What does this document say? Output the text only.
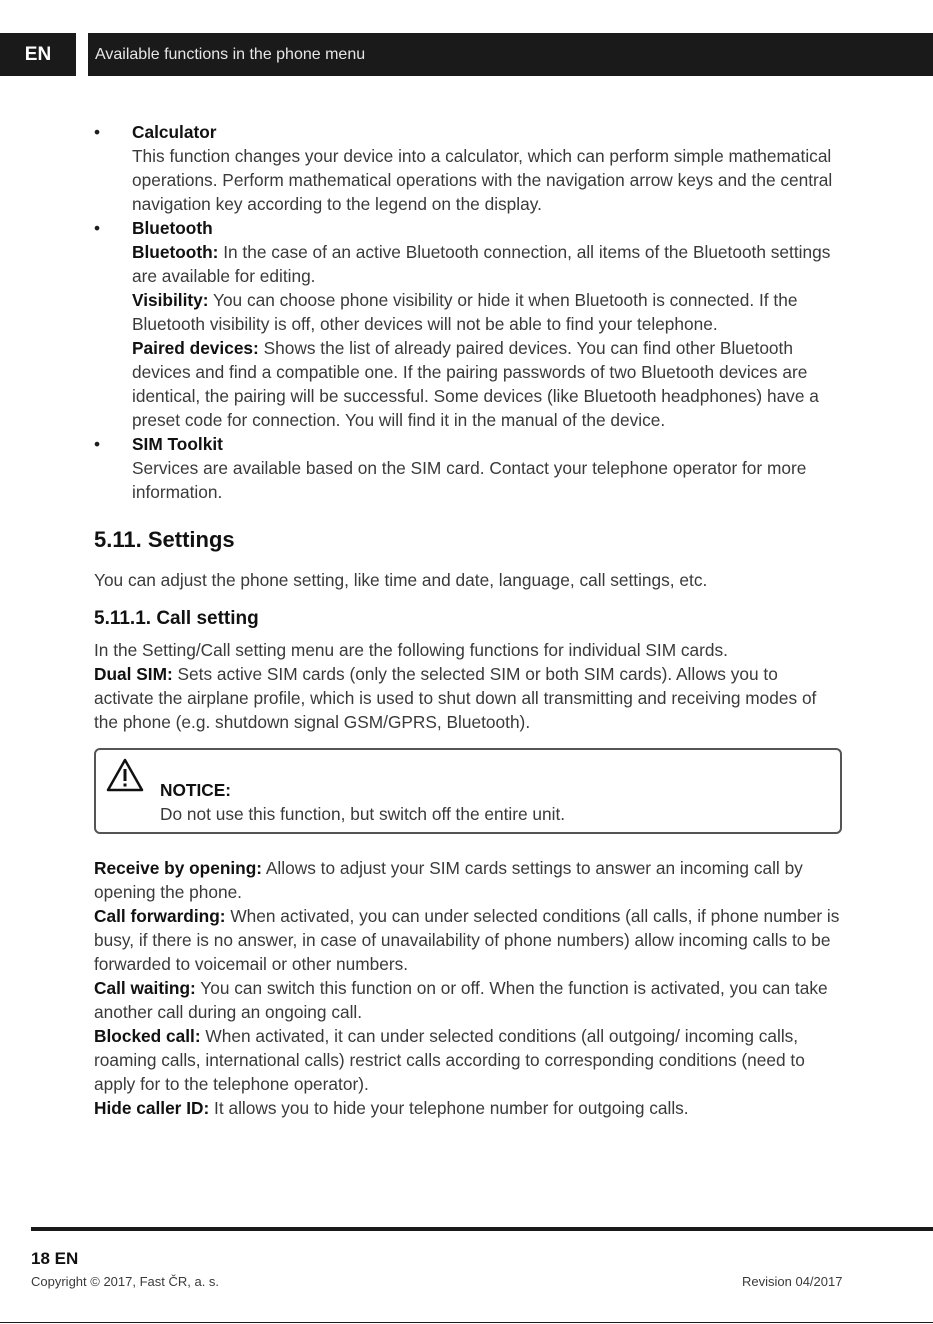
EN	Available functions in the phone menu
• Calculator

This function changes your device into a calculator, which can perform simple mathematical operations. Perform mathematical operations with the navigation arrow keys and the central navigation key according to the legend on the display.

• Bluetooth

Bluetooth: In the case of an active Bluetooth connection, all items of the Bluetooth settings are available for editing.

Visibility: You can choose phone visibility or hide it when Bluetooth is connected. If the Bluetooth visibility is off, other devices will not be able to find your telephone.

Paired devices: Shows the list of already paired devices. You can find other Bluetooth devices and find a compatible one. If the pairing passwords of two Bluetooth devices are identical, the pairing will be successful. Some devices (like Bluetooth headphones) have a preset code for connection. You will find it in the manual of the device.

• SIM Toolkit

Services are available based on the SIM card. Contact your telephone operator for more information.

5.11. Settings

You can adjust the phone setting, like time and date, language, call settings, etc.

5.11.1. Call setting

In the Setting/Call setting menu are the following functions for individual SIM cards.

Dual SIM: Sets active SIM cards (only the selected SIM or both SIM cards). Allows you to activate the airplane profile, which is used to shut down all transmitting and receiving modes of the phone (e.g. shutdown signal GSM/GPRS, Bluetooth).

NOTICE:
Do not use this function, but switch off the entire unit.

Receive by opening: Allows to adjust your SIM cards settings to answer an incoming call by opening the phone.

Call forwarding: When activated, you can under selected conditions (all calls, if phone number is busy, if there is no answer, in case of unavailability of phone numbers) allow incoming calls to be forwarded to voicemail or other numbers.

Call waiting: You can switch this function on or off. When the function is activated, you can take another call during an ongoing call.

Blocked call: When activated, it can under selected conditions (all outgoing/ incoming calls, roaming calls, international calls) restrict calls according to corresponding conditions (need to apply for to the telephone operator).

Hide caller ID: It allows you to hide your telephone number for outgoing calls.

18 EN
Copyright © 2017, Fast ČR, a. s.	Revision 04/2017
